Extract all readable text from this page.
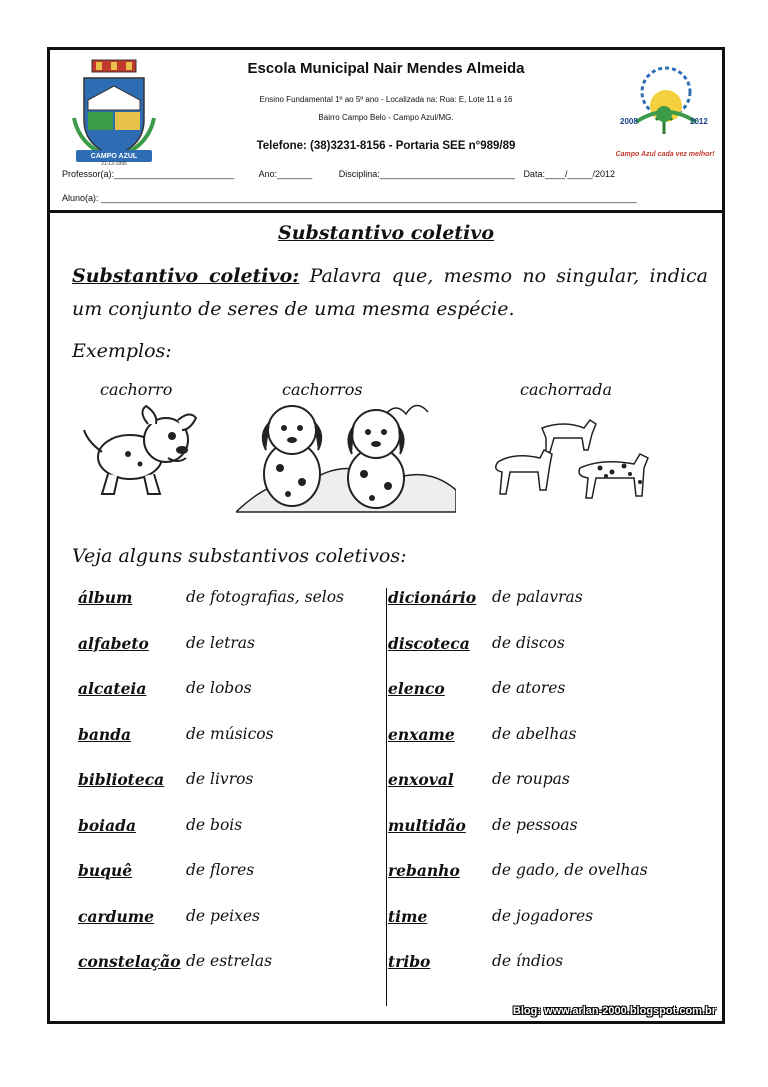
CAMPO AZUL
21-12-1995
Escola Municipal Nair Mendes Almeida
Ensino Fundamental 1º ao 5º ano - Localizada na: Rua: E, Lote 11 a 16
Bairro Campo Belo - Campo Azul/MG.
Telefone: (38)3231-8156 - Portaria SEE n°989/89
2008	2012
Campo Azul cada vez melhor!
Professor(a):________________________	Ano:_______	Disciplina:___________________________ Data:____/_____/2012
Aluno(a): ___________________________________________________________________________________________________________
Substantivo coletivo
Substantivo coletivo: Palavra que, mesmo no singular, indica um conjunto de seres de uma mesma espécie.
Exemplos:
cachorro	cachorros	cachorrada
Veja alguns substantivos coletivos:
álbum	de fotografias, selos	dicionário de palavras
alfabeto de letras	discoteca de discos
alcateia	de lobos	elenco	de atores
banda	de músicos	enxame de abelhas
biblioteca de livros	enxoval de roupas
boiada	de bois	multidão de pessoas
buquê	de flores	rebanho de gado, de ovelhas
cardume de peixes	time	de jogadores
constelação de estrelas	tribo	de índios
Blog: www.arlan-2000.blogspot.com.br
